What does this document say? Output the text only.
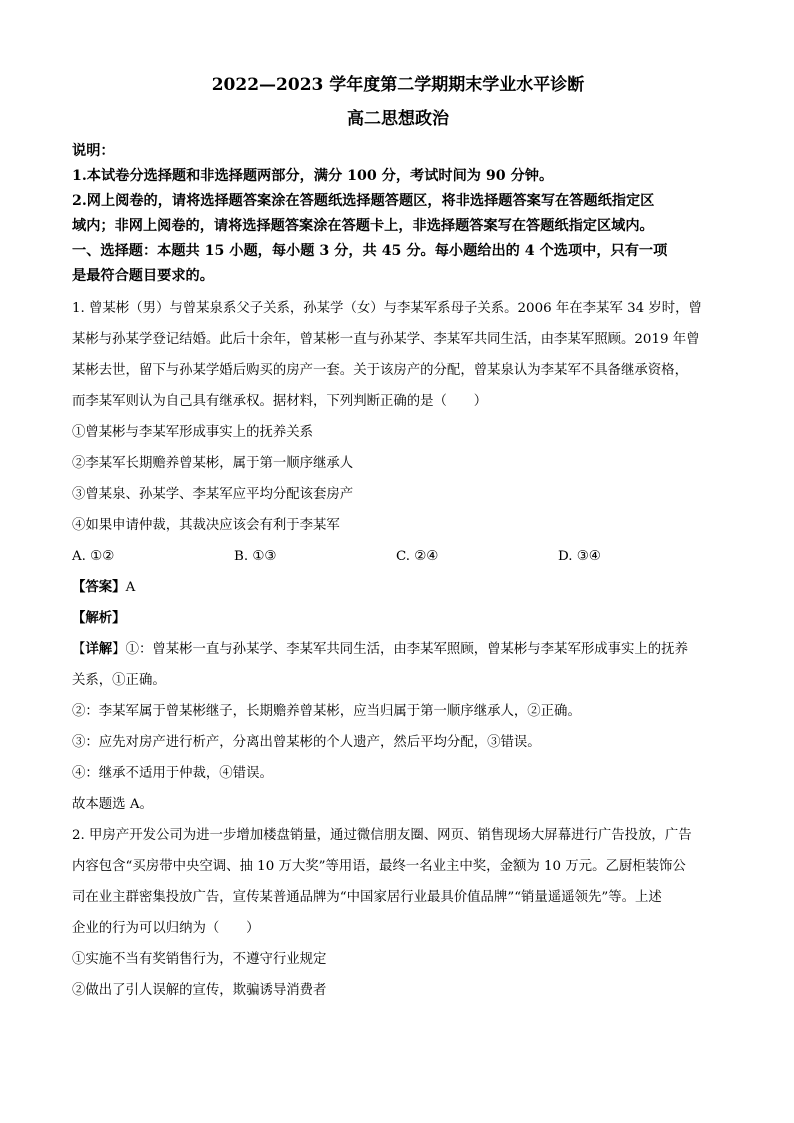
2022—2023 学年度第二学期期末学业水平诊断
高二思想政治
说明：
1.本试卷分选择题和非选择题两部分，满分 100 分，考试时间为 90 分钟。
2.网上阅卷的，请将选择题答案涂在答题纸选择题答题区，将非选择题答案写在答题纸指定区
域内；非网上阅卷的，请将选择题答案涂在答题卡上，非选择题答案写在答题纸指定区域内。
一、选择题：本题共 15 小题，每小题 3 分，共 45 分。每小题给出的 4 个选项中，只有一项
是最符合题目要求的。
1. 曾某彬（男）与曾某泉系父子关系，孙某学（女）与李某军系母子关系。2006 年在李某军 34 岁时，曾
某彬与孙某学登记结婚。此后十余年，曾某彬一直与孙某学、李某军共同生活，由李某军照顾。2019 年曾
某彬去世，留下与孙某学婚后购买的房产一套。关于该房产的分配，曾某泉认为李某军不具备继承资格，
而李某军则认为自己具有继承权。据材料，下列判断正确的是（　　）
①曾某彬与李某军形成事实上的抚养关系
②李某军长期赡养曾某彬，属于第一顺序继承人
③曾某泉、孙某学、李某军应平均分配该套房产
④如果申请仲裁，其裁决应该会有利于李某军
A. ①②	B. ①③	C. ②④	D. ③④
【答案】A
【解析】
【详解】①：曾某彬一直与孙某学、李某军共同生活，由李某军照顾，曾某彬与李某军形成事实上的抚养
关系，①正确。
②：李某军属于曾某彬继子，长期赡养曾某彬，应当归属于第一顺序继承人，②正确。
③：应先对房产进行析产，分离出曾某彬的个人遗产，然后平均分配，③错误。
④：继承不适用于仲裁，④错误。
故本题选 A。
2. 甲房产开发公司为进一步增加楼盘销量，通过微信朋友圈、网页、销售现场大屏幕进行广告投放，广告
内容包含“买房带中央空调、抽 10 万大奖”等用语，最终一名业主中奖，金额为 10 万元。乙厨柜装饰公
司在业主群密集投放广告，宣传某普通品牌为“中国家居行业最具价值品牌”“销量遥遥领先”等。上述
企业的行为可以归纳为（　　）
①实施不当有奖销售行为，不遵守行业规定
②做出了引人误解的宣传，欺骗诱导消费者
